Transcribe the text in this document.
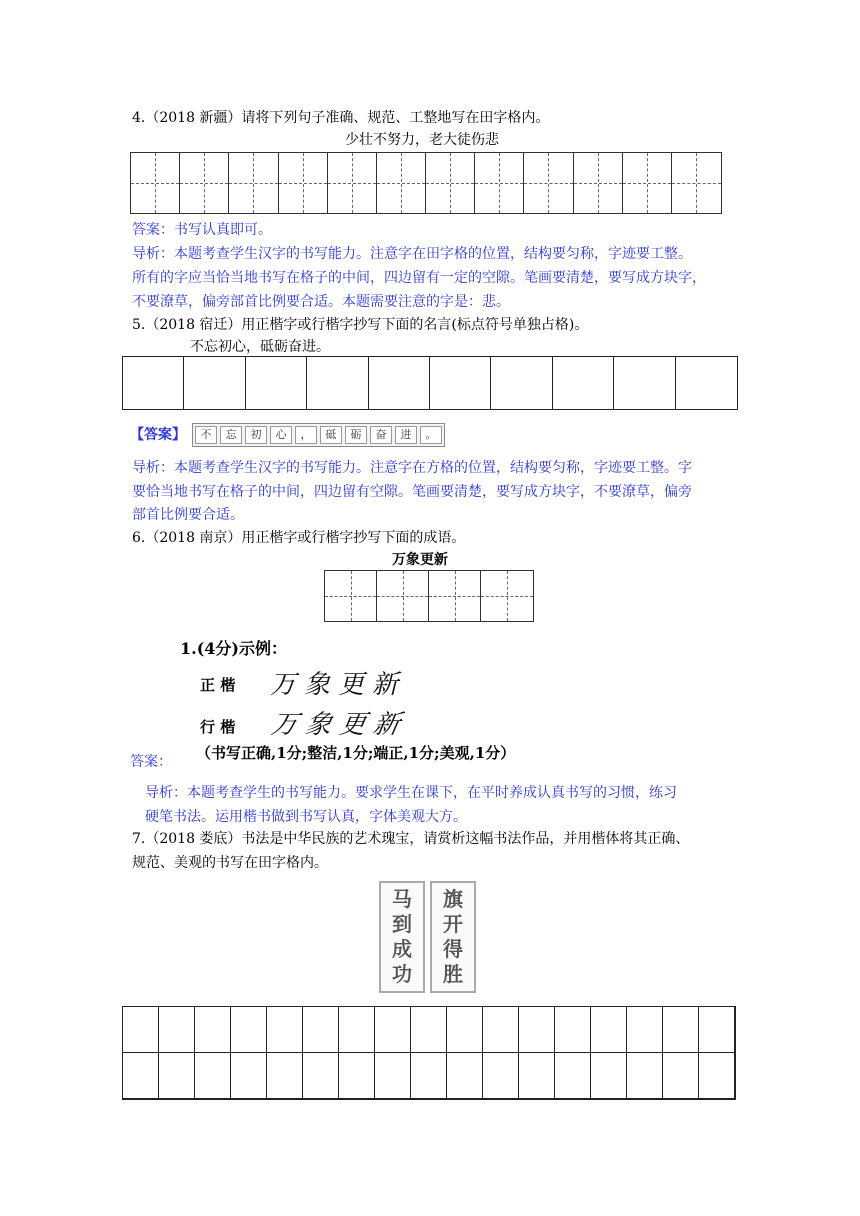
4.（2018 新疆）请将下列句子准确、规范、工整地写在田字格内。
少壮不努力，老大徒伤悲
答案：书写认真即可。
导析：本题考查学生汉字的书写能力。注意字在田字格的位置，结构要匀称，字迹要工整。
所有的字应当恰当地书写在格子的中间，四边留有一定的空隙。笔画要清楚，要写成方块字，
不要潦草，偏旁部首比例要合适。本题需要注意的字是：悲。
5.（2018 宿迁）用正楷字或行楷字抄写下面的名言(标点符号单独占格)。
不忘初心，砥砺奋进。
【答案】	不	忘	初	心	，	砥	砺	奋	进	。
导析：本题考查学生汉字的书写能力。注意字在方格的位置，结构要匀称，字迹要工整。字
要恰当地书写在格子的中间，四边留有空隙。笔画要清楚，要写成方块字，不要潦草，偏旁
部首比例要合适。
6.（2018 南京）用正楷字或行楷字抄写下面的成语。
万象更新
1.(4分)示例：
正 楷 万象更新
行 楷 万象更新
答案： （书写正确,1分;整洁,1分;端正,1分;美观,1分）
导析：本题考查学生的书写能力。要求学生在课下，在平时养成认真书写的习惯，练习
硬笔书法。运用楷书做到书写认真，字体美观大方。
7.（2018 娄底）书法是中华民族的艺术瑰宝，请赏析这幅书法作品，并用楷体将其正确、
规范、美观的书写在田字格内。
马
到
成
功
旗
开
得
胜
